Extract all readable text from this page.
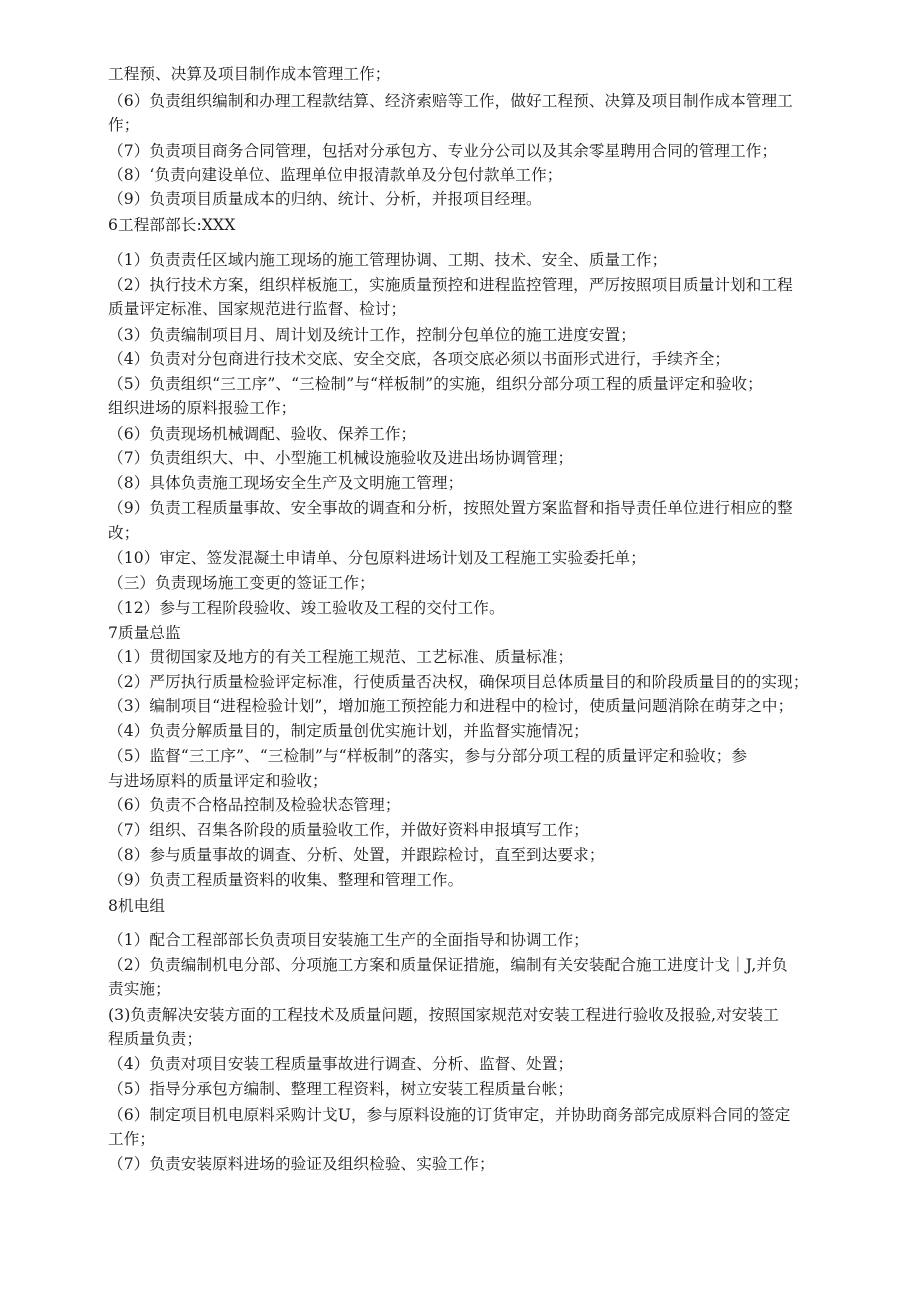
工程预、决算及项目制作成本管理工作；
（6）负责组织编制和办理工程款结算、经济索赔等工作，做好工程预、决算及项目制作成本管理工
作；
（7）负责项目商务合同管理，包括对分承包方、专业分公司以及其余零星聘用合同的管理工作；
（8）‘负责向建设单位、监理单位申报清款单及分包付款单工作；
（9）负责项目质量成本的归纳、统计、分析，并报项目经理。
6工程部部长:XXX
（1）负责责任区域内施工现场的施工管理协调、工期、技术、安全、质量工作；
（2）执行技术方案，组织样板施工，实施质量预控和进程监控管理，严厉按照项目质量计划和工程
质量评定标准、国家规范进行监督、检讨；
（3）负责编制项目月、周计划及统计工作，控制分包单位的施工进度安置；
（4）负责对分包商进行技术交底、安全交底，各项交底必须以书面形式进行，手续齐全；
（5）负责组织“三工序”、“三检制”与“样板制”的实施，组织分部分项工程的质量评定和验收；
组织进场的原料报验工作；
（6）负责现场机械调配、验收、保养工作；
（7）负责组织大、中、小型施工机械设施验收及进出场协调管理；
（8）具体负责施工现场安全生产及文明施工管理；
（9）负责工程质量事故、安全事故的调查和分析，按照处置方案监督和指导责任单位进行相应的整
改；
（10）审定、签发混凝土申请单、分包原料进场计划及工程施工实验委托单；
（三）负责现场施工变更的签证工作；
（12）参与工程阶段验收、竣工验收及工程的交付工作。
7质量总监
（1）贯彻国家及地方的有关工程施工规范、工艺标准、质量标准；
（2）严厉执行质量检验评定标准，行使质量否决权，确保项目总体质量目的和阶段质量目的的实现；
（3）编制项目“进程检验计划”，增加施工预控能力和进程中的检讨，使质量问题消除在萌芽之中；
（4）负责分解质量目的，制定质量创优实施计划，并监督实施情况；
（5）监督“三工序”、“三检制”与“样板制”的落实，参与分部分项工程的质量评定和验收；参
与进场原料的质量评定和验收；
（6）负责不合格品控制及检验状态管理；
（7）组织、召集各阶段的质量验收工作，并做好资料申报填写工作；
（8）参与质量事故的调查、分析、处置，并跟踪检讨，直至到达要求；
（9）负责工程质量资料的收集、整理和管理工作。
8机电组
（1）配合工程部部长负责项目安装施工生产的全面指导和协调工作；
（2）负责编制机电分部、分项施工方案和质量保证措施，编制有关安装配合施工进度计戈｜J,并负
责实施；
(3)负责解决安装方面的工程技术及质量问题，按照国家规范对安装工程进行验收及报验,对安装工
程质量负责；
（4）负责对项目安装工程质量事故进行调查、分析、监督、处置；
（5）指导分承包方编制、整理工程资料，树立安装工程质量台帐；
（6）制定项目机电原料采购计戈U，参与原料设施的订货审定，并协助商务部完成原料合同的签定
工作；
（7）负责安装原料进场的验证及组织检验、实验工作；
